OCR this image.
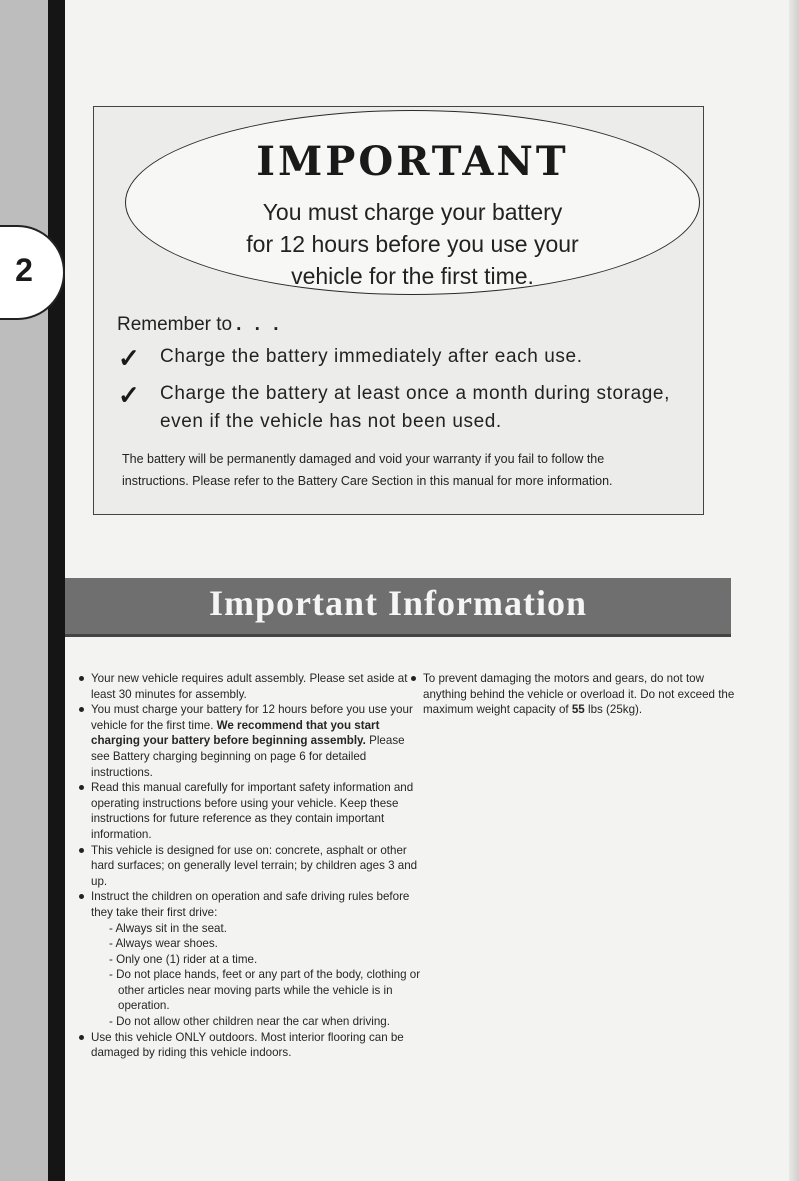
2
IMPORTANT
You must charge your battery
for 12 hours before you use your
vehicle for the first time.
Remember to . . .
✓ Charge the battery immediately after each use.
✓ Charge the battery at least once a month during storage,
even if the vehicle has not been used.
The battery will be permanently damaged and void your warranty if you fail to follow the
instructions. Please refer to the Battery Care Section in this manual for more information.
Important Information
Your new vehicle requires adult assembly. Please set aside at least 30 minutes for assembly.
You must charge your battery for 12 hours before you use your vehicle for the first time. We recommend that you start charging your battery before beginning assembly. Please see Battery charging beginning on page 6 for detailed instructions.
Read this manual carefully for important safety information and operating instructions before using your vehicle. Keep these instructions for future reference as they contain important information.
This vehicle is designed for use on: concrete, asphalt or other hard surfaces; on generally level terrain; by children ages 3 and up.
Instruct the children on operation and safe driving rules before they take their first drive:
- Always sit in the seat.
- Always wear shoes.
- Only one (1) rider at a time.
- Do not place hands, feet or any part of the body, clothing or other articles near moving parts while the vehicle is in operation.
- Do not allow other children near the car when driving.
Use this vehicle ONLY outdoors. Most interior flooring can be damaged by riding this vehicle indoors.
To prevent damaging the motors and gears, do not tow anything behind the vehicle or overload it. Do not exceed the maximum weight capacity of 55 lbs (25kg).
